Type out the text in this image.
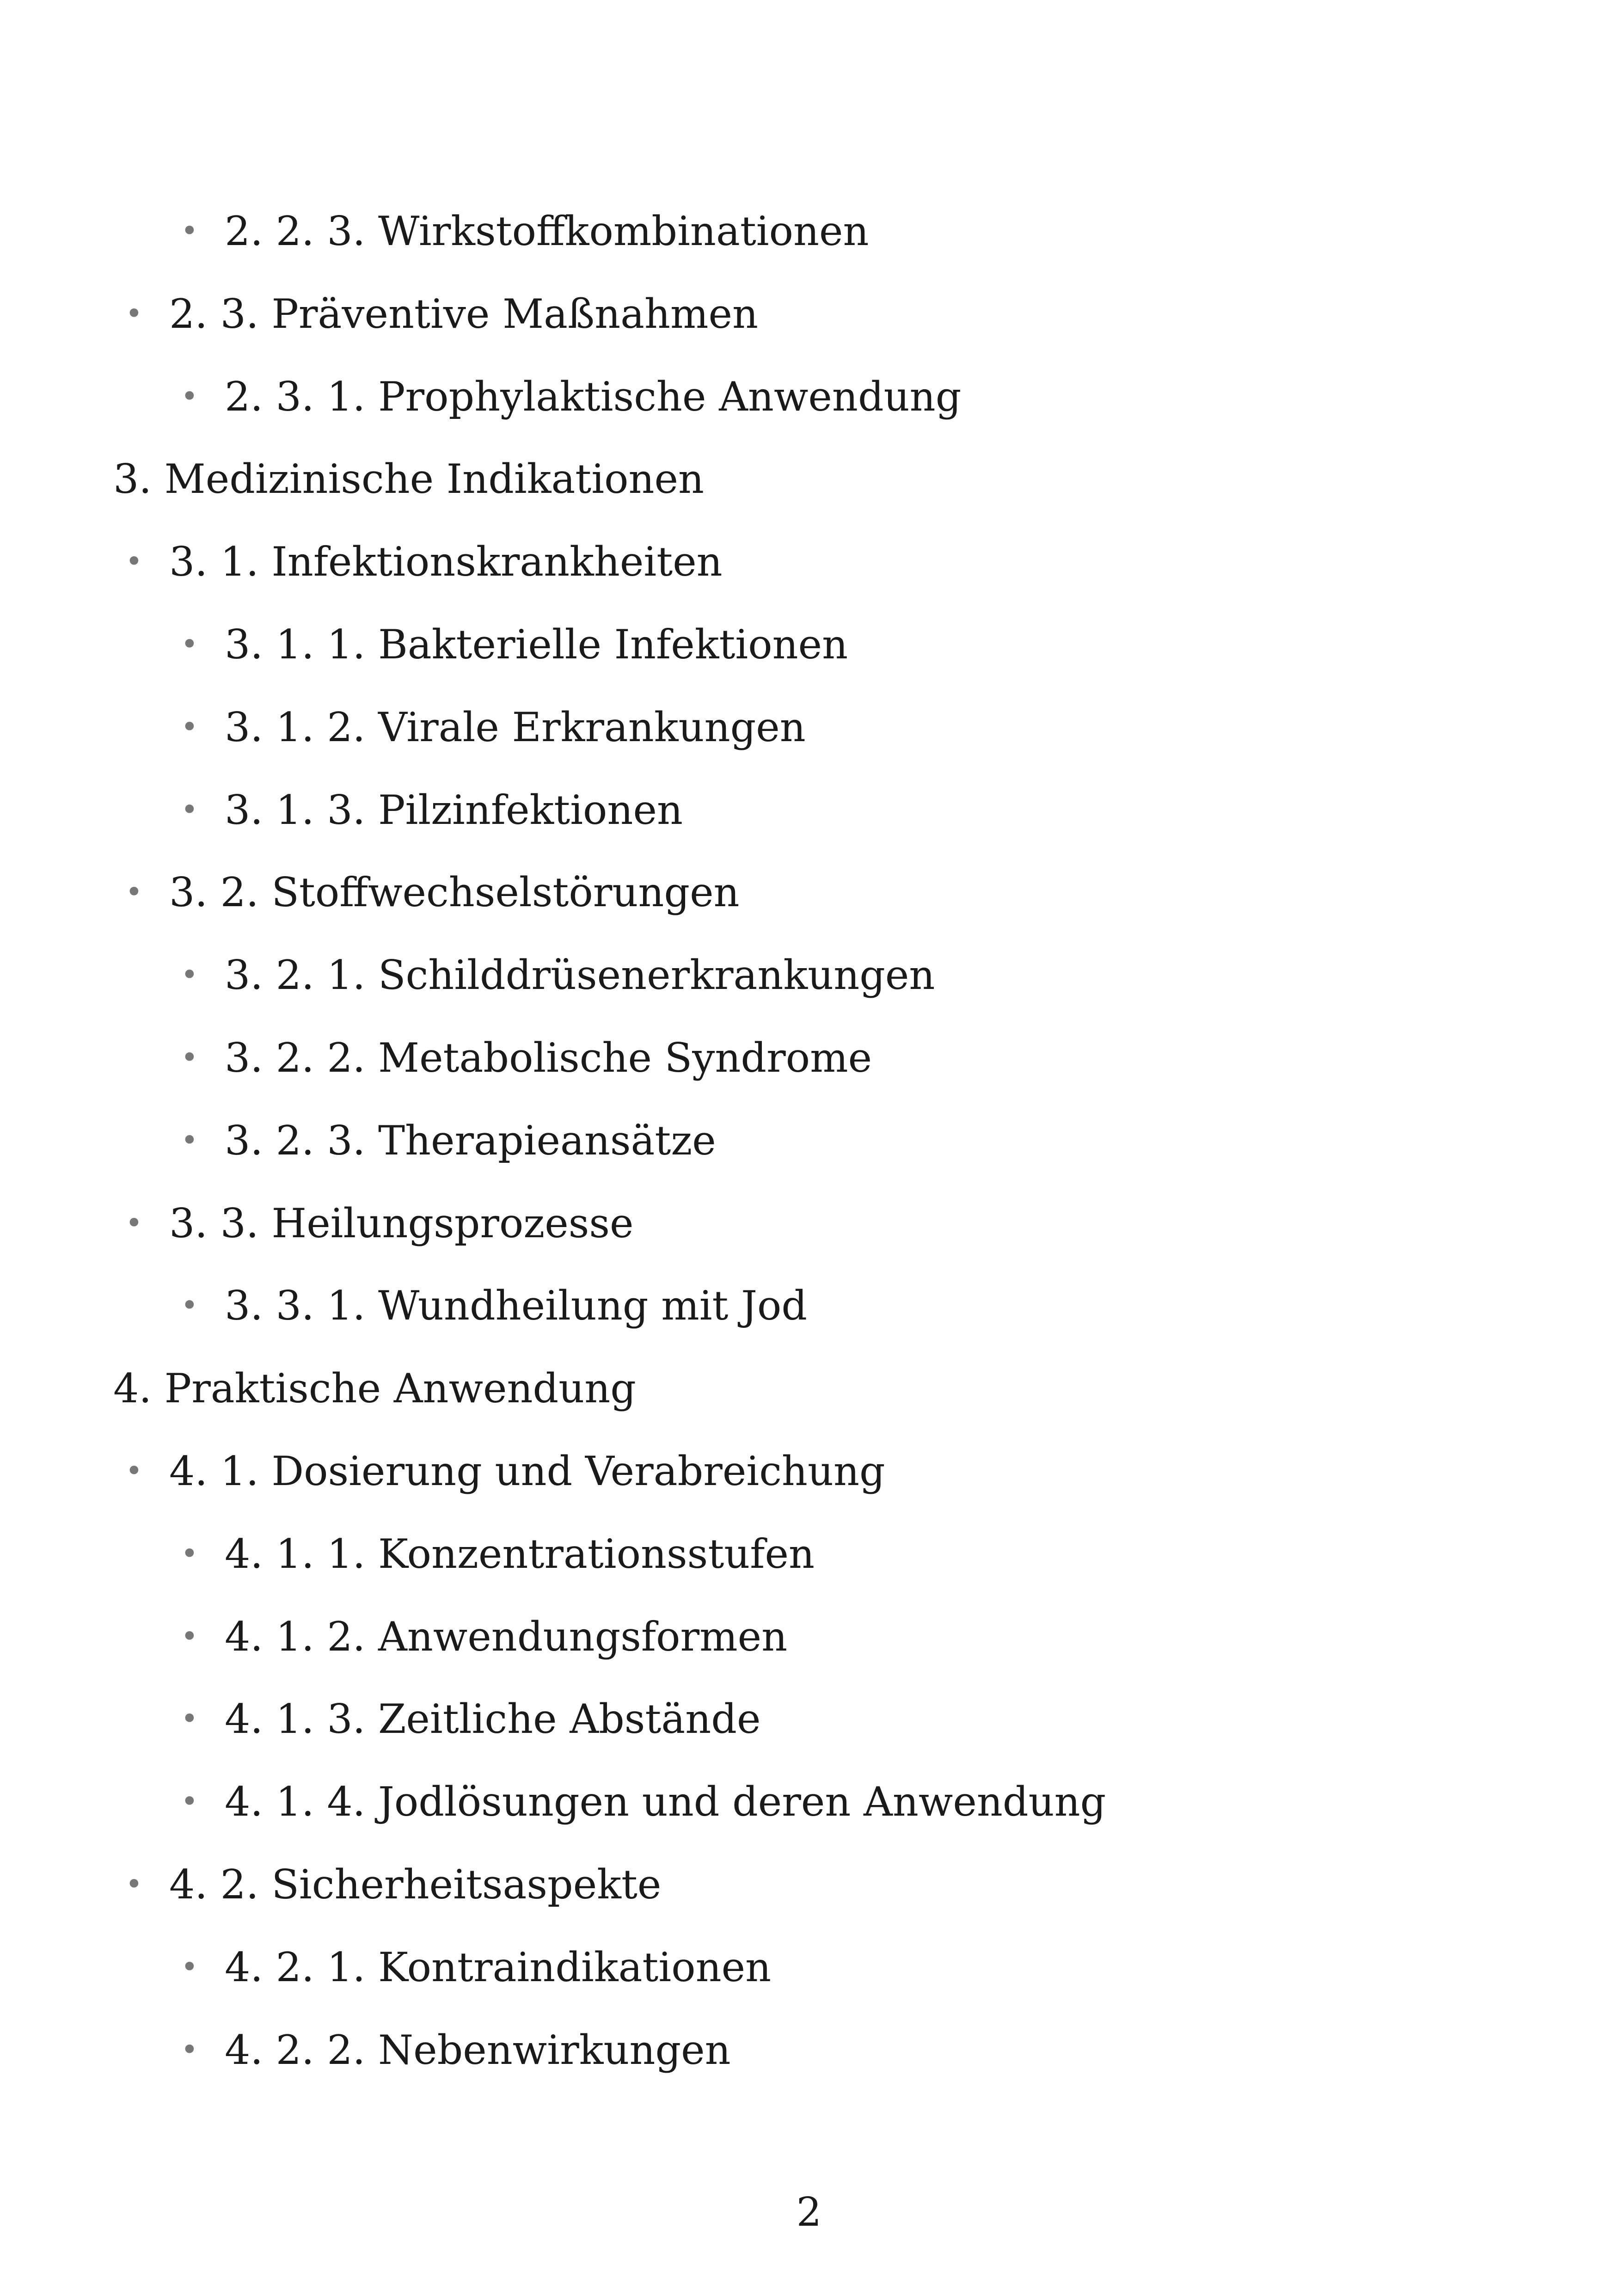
• 2. 2. 3. Wirkstoffkombinationen
• 2. 3. Präventive Maßnahmen
• 2. 3. 1. Prophylaktische Anwendung
3. Medizinische Indikationen
• 3. 1. Infektionskrankheiten
• 3. 1. 1. Bakterielle Infektionen
• 3. 1. 2. Virale Erkrankungen
• 3. 1. 3. Pilzinfektionen
• 3. 2. Stoffwechselstörungen
• 3. 2. 1. Schilddrüsenerkrankungen
• 3. 2. 2. Metabolische Syndrome
• 3. 2. 3. Therapieansätze
• 3. 3. Heilungsprozesse
• 3. 3. 1. Wundheilung mit Jod
4. Praktische Anwendung
• 4. 1. Dosierung und Verabreichung
• 4. 1. 1. Konzentrationsstufen
• 4. 1. 2. Anwendungsformen
• 4. 1. 3. Zeitliche Abstände
• 4. 1. 4. Jodlösungen und deren Anwendung
• 4. 2. Sicherheitsaspekte
• 4. 2. 1. Kontraindikationen
• 4. 2. 2. Nebenwirkungen
2
